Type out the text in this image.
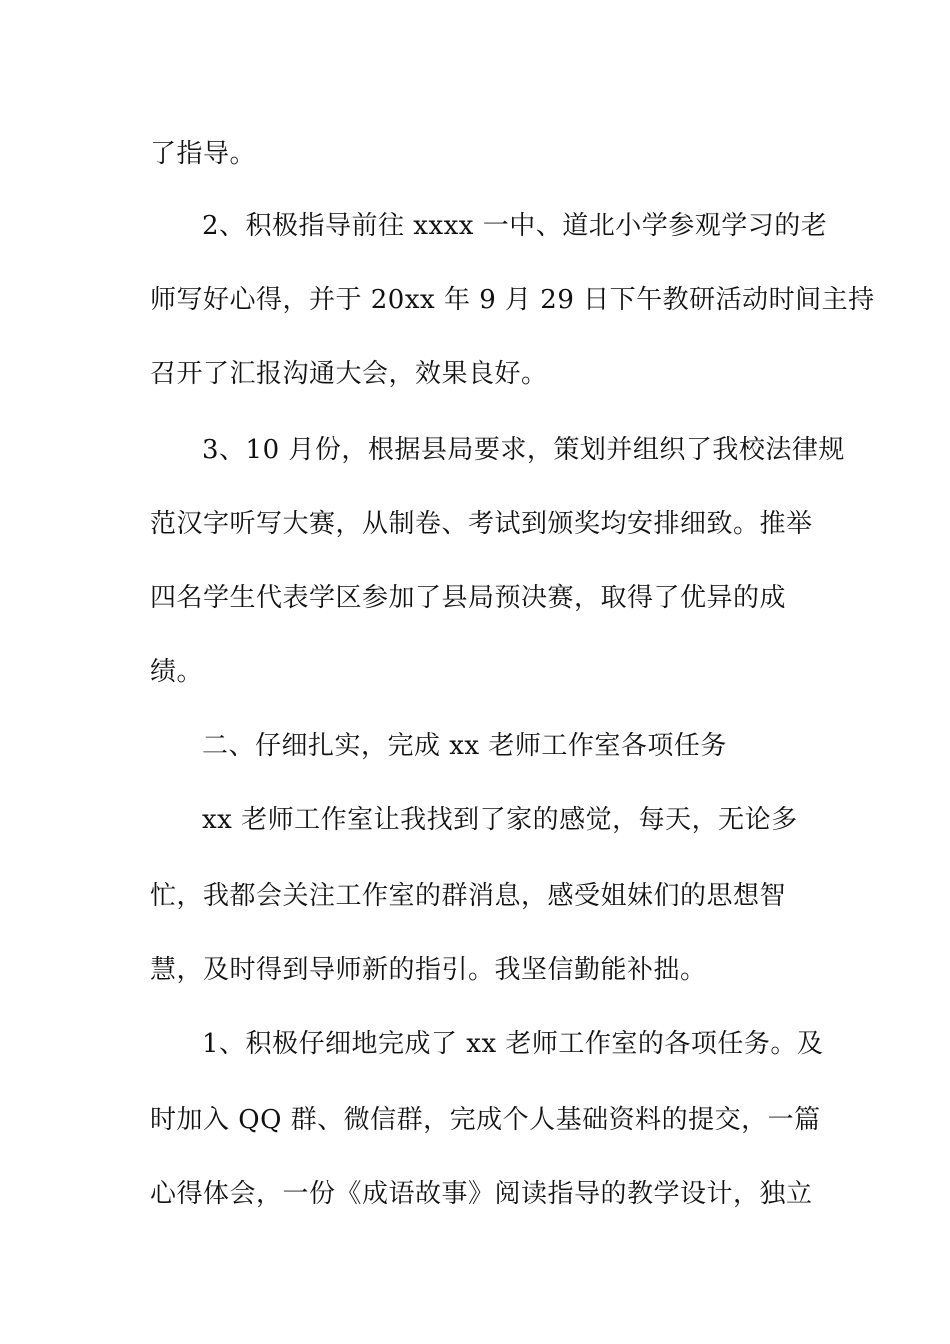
了指导。
2、积极指导前往 xxxx 一中、道北小学参观学习的老
师写好心得，并于 20xx 年 9 月 29 日下午教研活动时间主持
召开了汇报沟通大会，效果良好。
3、10 月份，根据县局要求，策划并组织了我校法律规
范汉字听写大赛，从制卷、考试到颁奖均安排细致。推举
四名学生代表学区参加了县局预决赛，取得了优异的成
绩。
二、仔细扎实，完成 xx 老师工作室各项任务
xx 老师工作室让我找到了家的感觉，每天，无论多
忙，我都会关注工作室的群消息，感受姐妹们的思想智
慧，及时得到导师新的指引。我坚信勤能补拙。
1、积极仔细地完成了 xx 老师工作室的各项任务。及
时加入 QQ 群、微信群，完成个人基础资料的提交，一篇
心得体会，一份《成语故事》阅读指导的教学设计，独立
